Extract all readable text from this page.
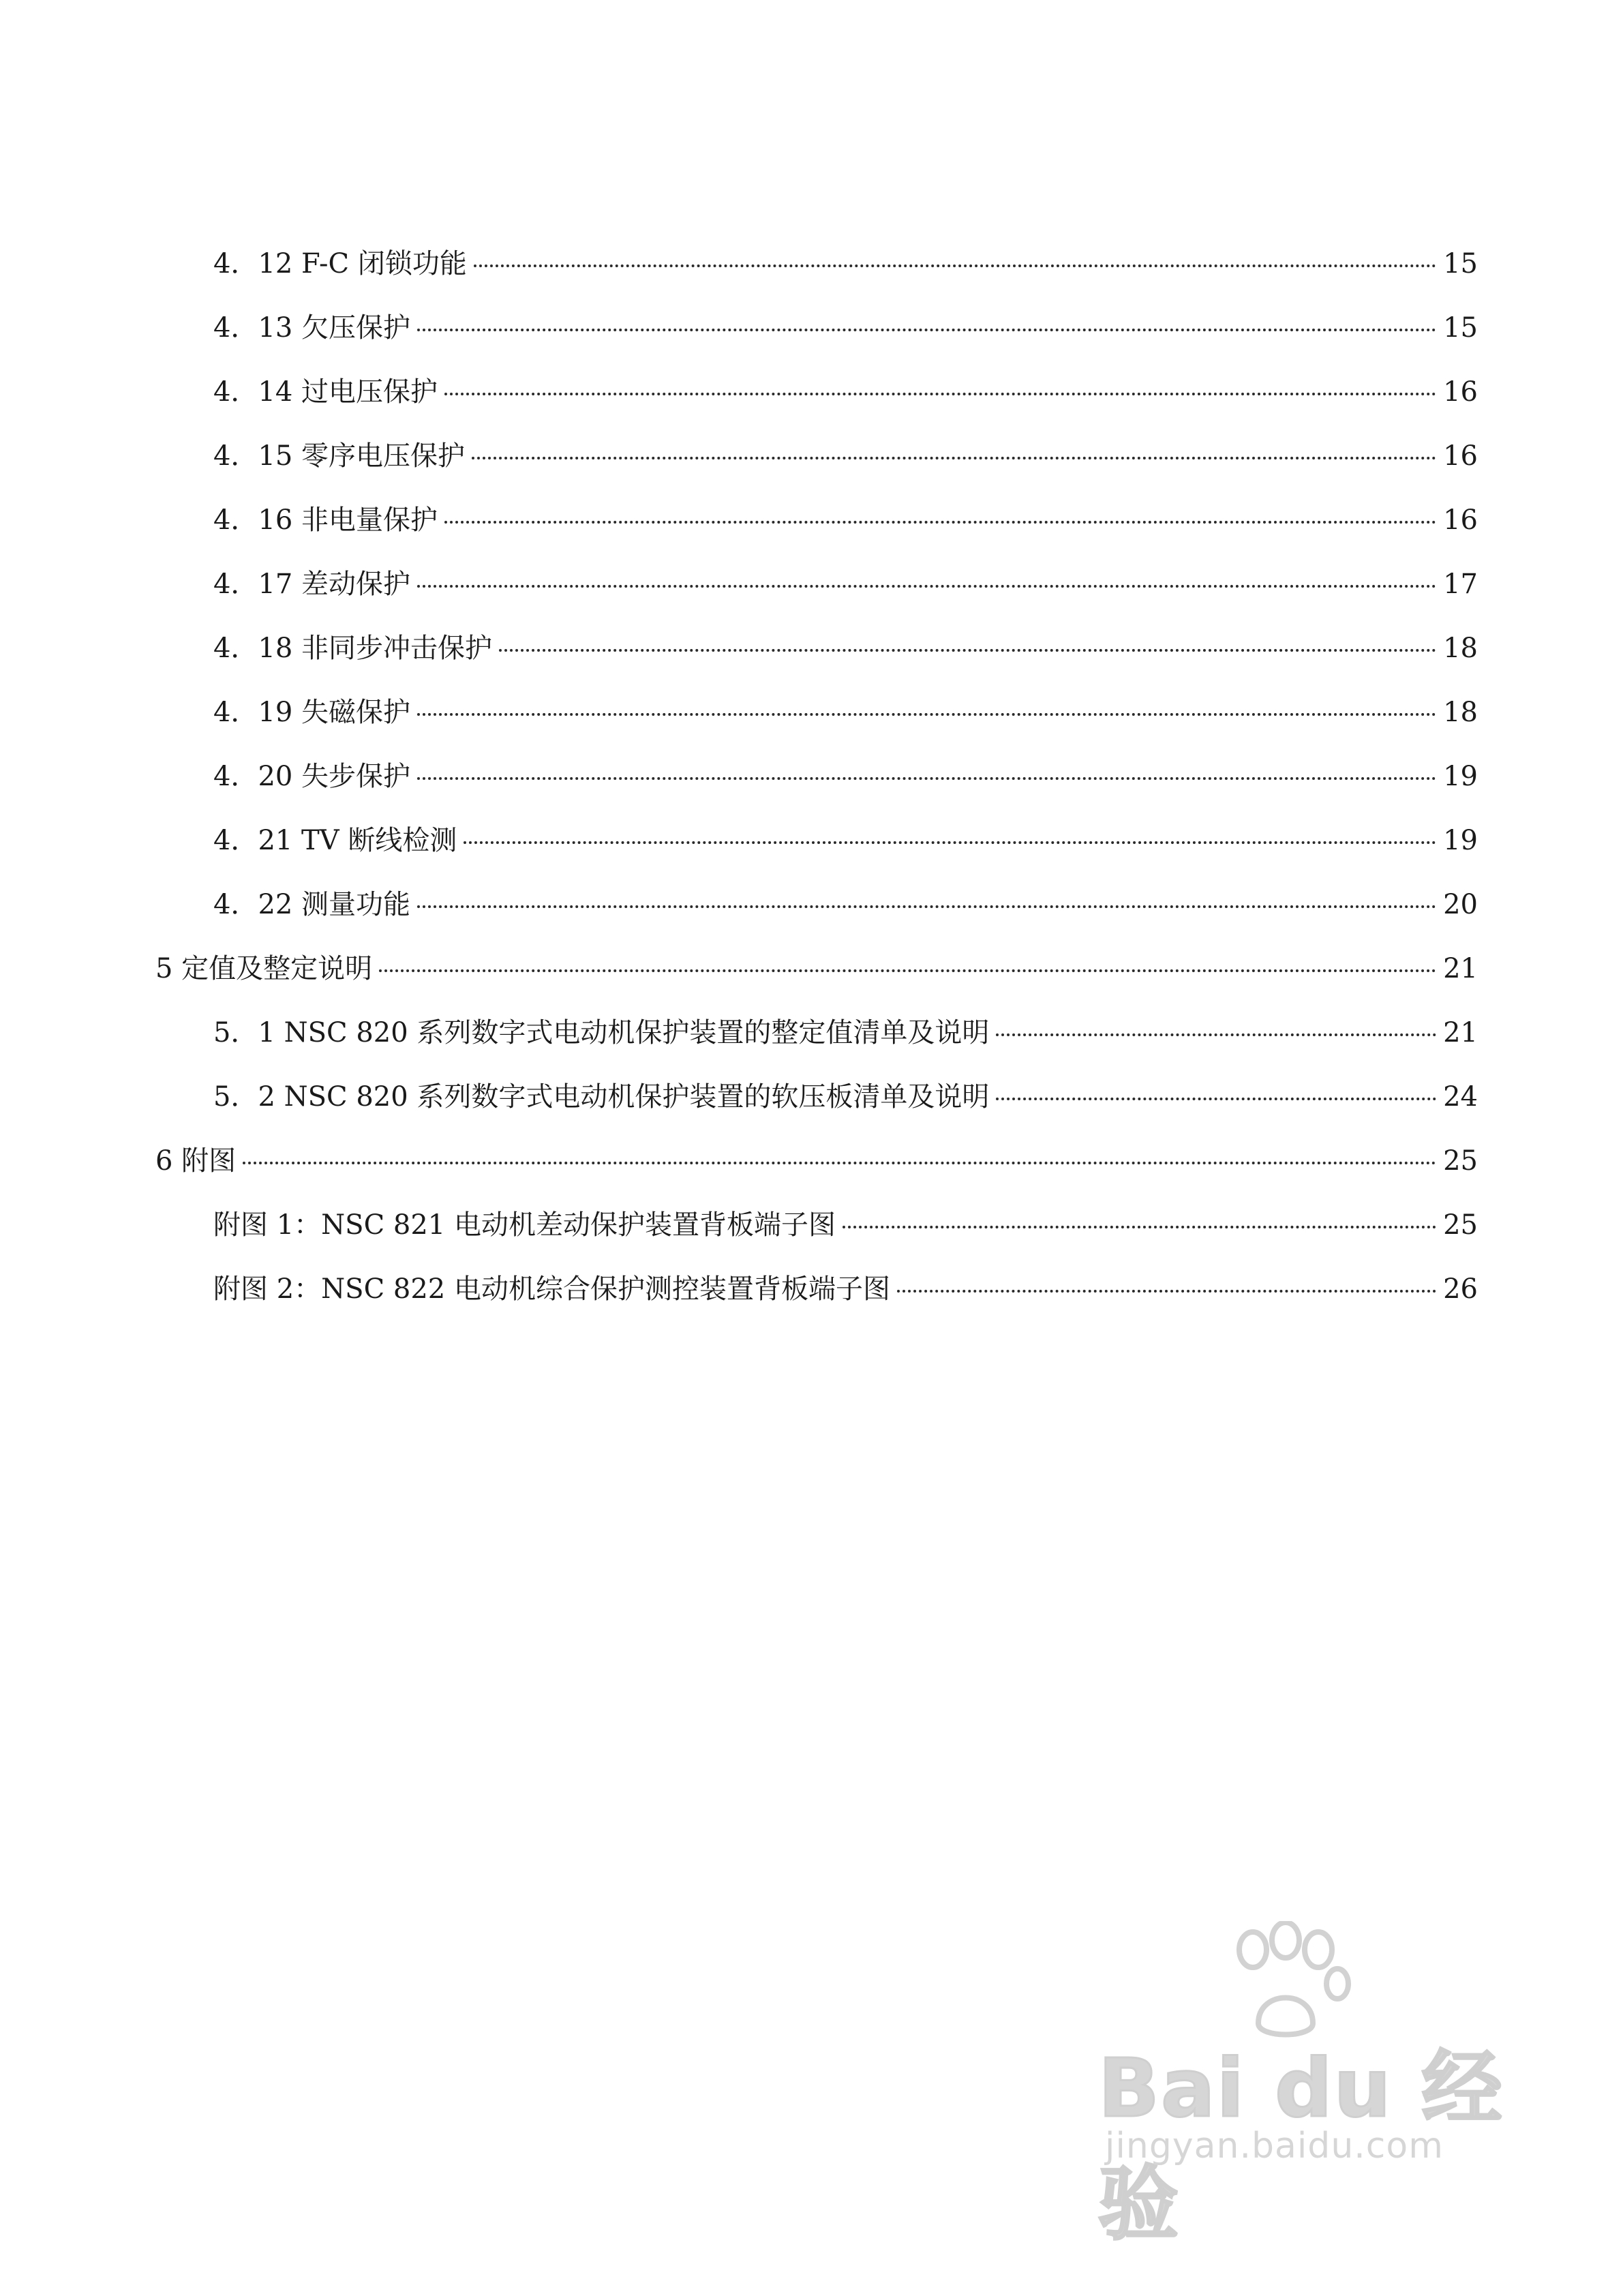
4．12 F-C 闭锁功能	15
4．13 欠压保护	15
4．14 过电压保护	16
4．15 零序电压保护	16
4．16 非电量保护	16
4．17 差动保护	17
4．18 非同步冲击保护	18
4．19 失磁保护	18
4．20 失步保护	19
4．21 TV 断线检测	19
4．22 测量功能	20
5 定值及整定说明	21
5．1 NSC 820 系列数字式电动机保护装置的整定值清单及说明	21
5．2 NSC 820 系列数字式电动机保护装置的软压板清单及说明	24
6 附图	25
附图 1：NSC 821 电动机差动保护装置背板端子图	25
附图 2：NSC 822 电动机综合保护测控装置背板端子图	26
Bai du 经验
jingyan.baidu.com
